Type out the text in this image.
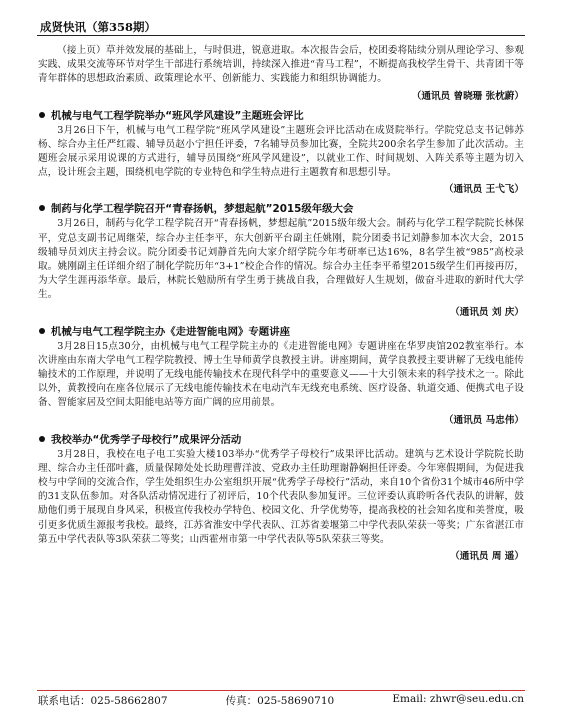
成贤快讯（第358期）

（接上页）草并效发展的基础上，与时俱进，锐意进取。本次报告会后，校团委将陆续分别从理论学习、参观实践、成果交流等环节对学生干部进行系统培训，持续深入推进“青马工程”，不断提高我校学生骨干、共青团干等青年群体的思想政治素质、政策理论水平、创新能力、实践能力和组织协调能力。

（通讯员 曾晓珊 张枕蔚）
机械与电气工程学院举办“班风学风建设”主题班会评比

3月26日下午，机械与电气工程学院“班风学风建设”主题班会评比活动在成贤院举行。学院党总支书记韩苏杨、综合办主任严红霞、辅导员赵小宁担任评委，7名辅导员参加比赛，全院共200余名学生参加了此次活动。主题班会展示采用说课的方式进行，辅导员围绕“班风学风建设”，以就业工作、时间规划、入阵关系等主题为切入点，设计班会主题，围绕机电学院的专业特色和学生特点进行主题教育和思想引导。

（通讯员 王弋飞）
制药与化学工程学院召开“青春扬帆，梦想起航”2015级年级大会

3月26日，制药与化学工程学院召开“青春扬帆，梦想起航”2015级年级大会。制药与化学工程学院院长林保平，党总支副书记周继荣，综合办主任李平，东大创新平台副主任姚刚，院分团委书记刘静参加本次大会，2015级辅导员刘庆主持会议。院分团委书记刘静首先向大家介绍学院今年考研率已达16%，8名学生被“985”高校录取。姚刚副主任详细介绍了制化学院历年“3+1”校企合作的情况。综合办主任李平希望2015级学生们再接再厉，为大学生涯再添华章。最后，林院长勉励所有学生勇于挑战自我，合理做好人生规划，做奋斗进取的新时代大学生。

（通讯员 刘 庆）
机械与电气工程学院主办《走进智能电网》专题讲座

3月28日15点30分，由机械与电气工程学院主办的《走进智能电网》专题讲座在华罗庚馆202教室举行。本次讲座由东南大学电气工程学院教授、博士生导师黄学良教授主讲。讲座期间，黄学良教授主要讲解了无线电能传输技术的工作原理，并说明了无线电能传输技术在现代科学中的重要意义——十大引领未来的科学技术之一。除此以外，黄教授向在座各位展示了无线电能传输技术在电动汽车无线充电系统、医疗设备、轨道交通、便携式电子设备、智能家居及空间太阳能电站等方面广阔的应用前景。

（通讯员 马忠伟）
我校举办“优秀学子母校行”成果评分活动

3月28日，我校在电子电工实验大楼103举办“优秀学子母校行”成果评比活动。建筑与艺术设计学院院长助理、综合办主任邵叶鑫，质量保障处处长助理曹洋波、党政办主任助理谢静娴担任评委。今年寒假期间，为促进我校与中学间的交流合作，学生处组织生办公室组织开展“优秀学子母校行”活动，来自10个省份31个城市46所中学的31支队伍参加。对各队活动情况进行了初评后，10个代表队参加复评。三位评委认真聆听各代表队的讲解，鼓励他们勇于展现自身风采，积极宣传我校办学特色、校园文化、升学优势等，提高我校的社会知名度和美誉度，吸引更多优质生源报考我校。最终，江苏省淮安中学代表队、江苏省姜堰第二中学代表队荣获一等奖；广东省湛江市第五中学代表队等3队荣获二等奖；山西霍州市第一中学代表队等5队荣获三等奖。

（通讯员 周 遥）
联系电话：025-58662807	传真：025-58690710	Email: zhwr@seu.edu.cn
